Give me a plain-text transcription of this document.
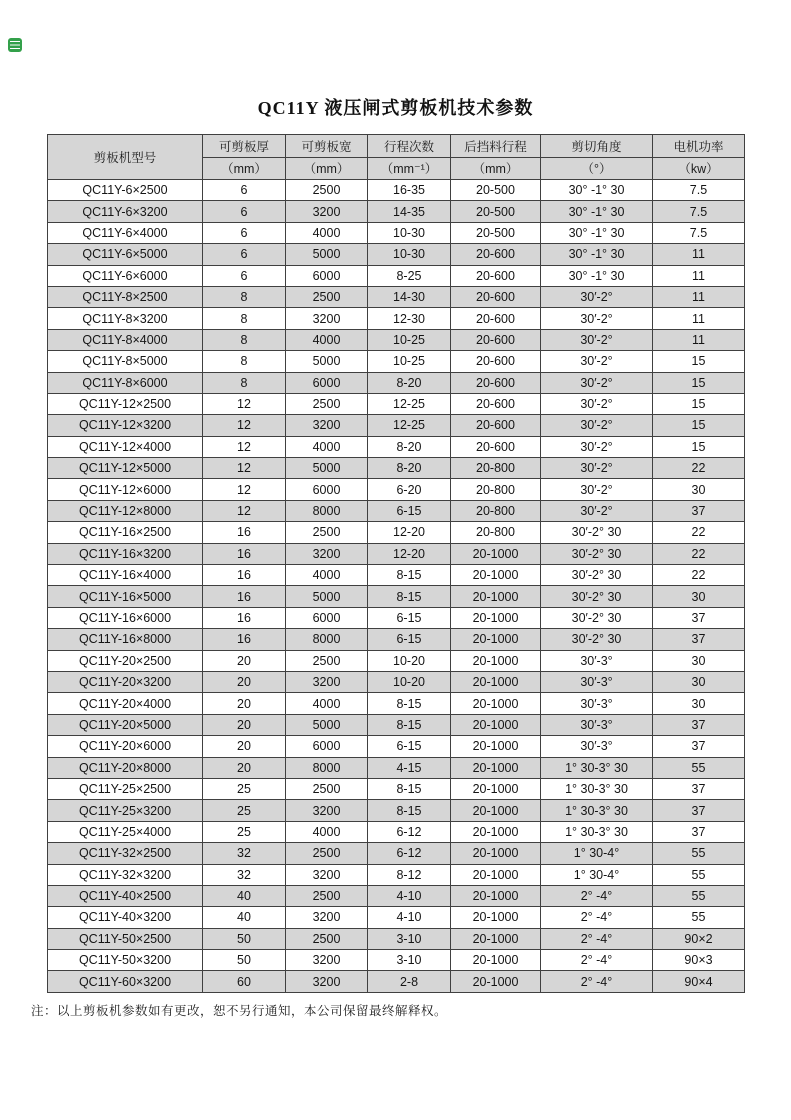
QC11Y 液压闸式剪板机技术参数
剪板机型号	可剪板厚	可剪板宽	行程次数	后挡料行程	剪切角度	电机功率
	（mm）	（mm）	（mm⁻¹）	（mm）	（°）	（kw）
QC11Y-6×2500	6	2500	16-35	20-500	30° -1° 30	7.5
QC11Y-6×3200	6	3200	14-35	20-500	30° -1° 30	7.5
QC11Y-6×4000	6	4000	10-30	20-500	30° -1° 30	7.5
QC11Y-6×5000	6	5000	10-30	20-600	30° -1° 30	11
QC11Y-6×6000	6	6000	8-25	20-600	30° -1° 30	11
QC11Y-8×2500	8	2500	14-30	20-600	30′-2°	11
QC11Y-8×3200	8	3200	12-30	20-600	30′-2°	11
QC11Y-8×4000	8	4000	10-25	20-600	30′-2°	11
QC11Y-8×5000	8	5000	10-25	20-600	30′-2°	15
QC11Y-8×6000	8	6000	8-20	20-600	30′-2°	15
QC11Y-12×2500	12	2500	12-25	20-600	30′-2°	15
QC11Y-12×3200	12	3200	12-25	20-600	30′-2°	15
QC11Y-12×4000	12	4000	8-20	20-600	30′-2°	15
QC11Y-12×5000	12	5000	8-20	20-800	30′-2°	22
QC11Y-12×6000	12	6000	6-20	20-800	30′-2°	30
QC11Y-12×8000	12	8000	6-15	20-800	30′-2°	37
QC11Y-16×2500	16	2500	12-20	20-800	30′-2° 30	22
QC11Y-16×3200	16	3200	12-20	20-1000	30′-2° 30	22
QC11Y-16×4000	16	4000	8-15	20-1000	30′-2° 30	22
QC11Y-16×5000	16	5000	8-15	20-1000	30′-2° 30	30
QC11Y-16×6000	16	6000	6-15	20-1000	30′-2° 30	37
QC11Y-16×8000	16	8000	6-15	20-1000	30′-2° 30	37
QC11Y-20×2500	20	2500	10-20	20-1000	30′-3°	30
QC11Y-20×3200	20	3200	10-20	20-1000	30′-3°	30
QC11Y-20×4000	20	4000	8-15	20-1000	30′-3°	30
QC11Y-20×5000	20	5000	8-15	20-1000	30′-3°	37
QC11Y-20×6000	20	6000	6-15	20-1000	30′-3°	37
QC11Y-20×8000	20	8000	4-15	20-1000	1° 30-3° 30	55
QC11Y-25×2500	25	2500	8-15	20-1000	1° 30-3° 30	37
QC11Y-25×3200	25	3200	8-15	20-1000	1° 30-3° 30	37
QC11Y-25×4000	25	4000	6-12	20-1000	1° 30-3° 30	37
QC11Y-32×2500	32	2500	6-12	20-1000	1° 30-4°	55
QC11Y-32×3200	32	3200	8-12	20-1000	1° 30-4°	55
QC11Y-40×2500	40	2500	4-10	20-1000	2° -4°	55
QC11Y-40×3200	40	3200	4-10	20-1000	2° -4°	55
QC11Y-50×2500	50	2500	3-10	20-1000	2° -4°	90×2
QC11Y-50×3200	50	3200	3-10	20-1000	2° -4°	90×3
QC11Y-60×3200	60	3200	2-8	20-1000	2° -4°	90×4
注：以上剪板机参数如有更改，恕不另行通知，本公司保留最终解释权。
